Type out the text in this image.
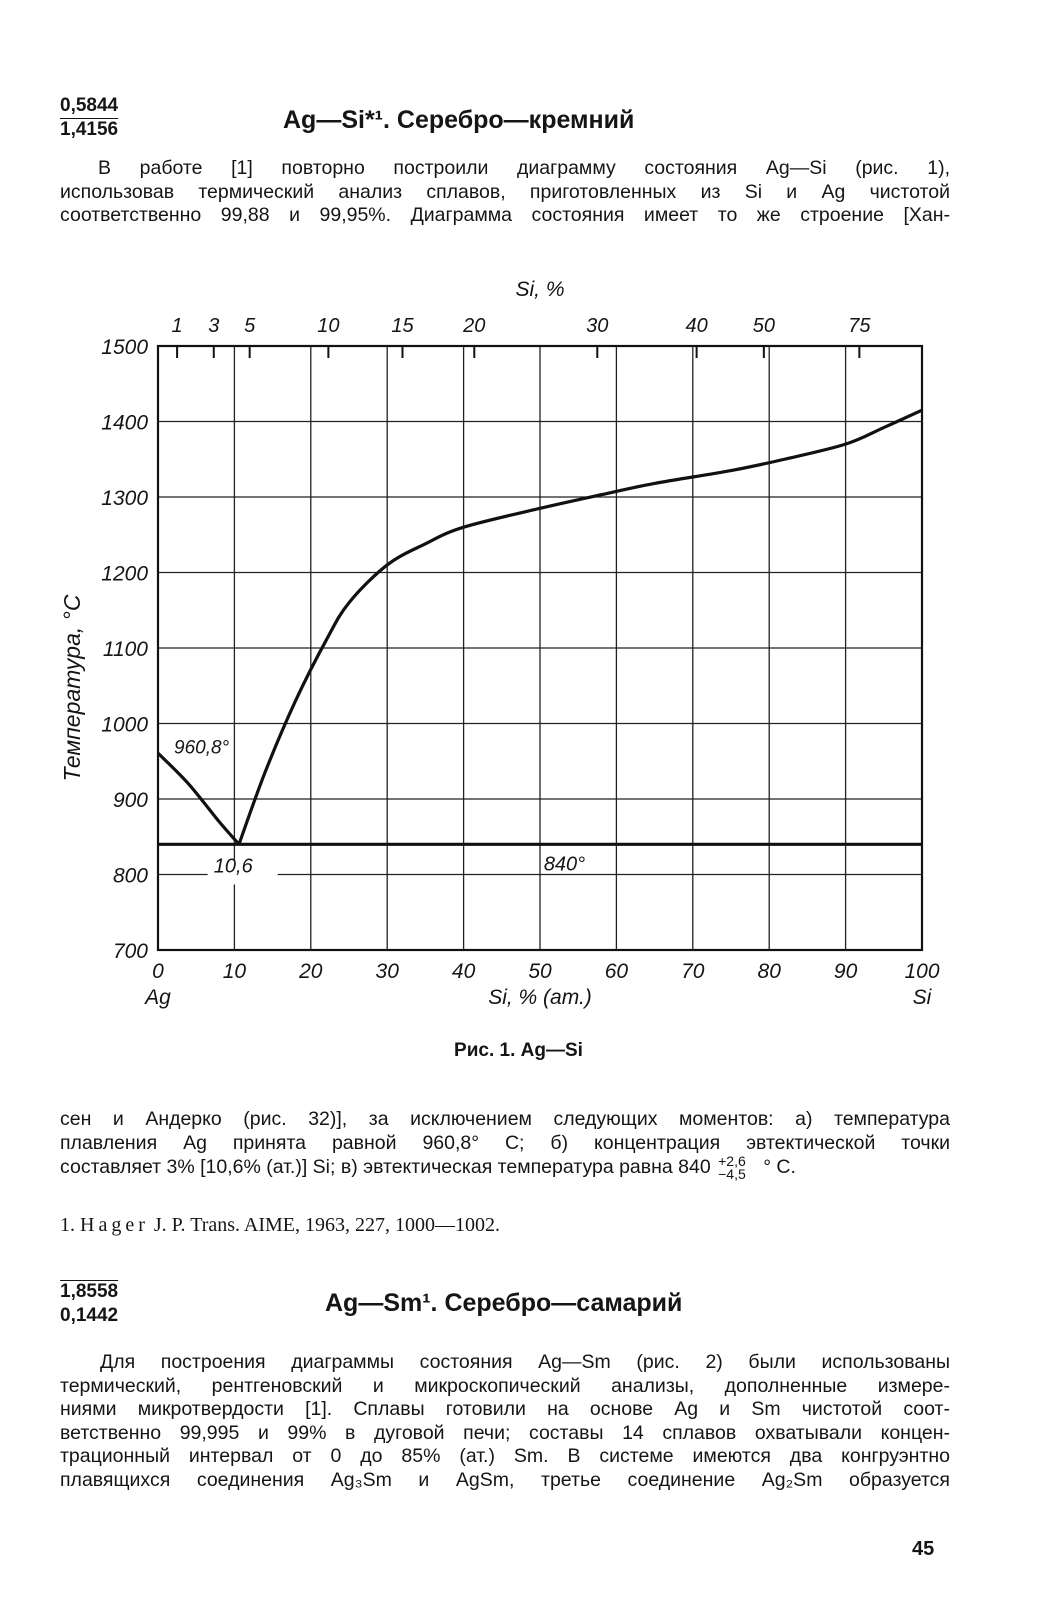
0,5844
1,4156	Ag—Si*¹. Серебро—кремний
В работе [1] повторно построили диаграмму состояния Ag—Si (рис. 1),
использовав термический анализ сплавов, приготовленных из Si и Ag чистотой
соответственно 99,88 и 99,95%. Диаграмма состояния имеет то же строение [Хан-
1500
1400
1300
1200
1100
1000
900
800
700
0	10	20	30	40	50	60	70	80	90 100
1 3 5	10	15 20	30	40 50	75
Si, %
960,8°
10,6	840°
Ag	Si
Si, % (ат.)
Температура, °С
Рис. 1. Ag—Si
сен и Андерко (рис. 32)], за исключением следующих моментов: а) температура
плавления Ag принята равной 960,8° С; б) концентрация эвтектической точки
составляет 3% [10,6% (ат.)] Si; в) эвтектическая температура равна 840 +2,6
−4,5 ° С.
1. Hager J. P. Trans. AIME, 1963, 227, 1000—1002.
1,8558
0,1442	Ag—Sm¹. Серебро—самарий
Для построения диаграммы состояния Ag—Sm (рис. 2) были использованы
термический, рентгеновский и микроскопический анализы, дополненные измере-
ниями микротвердости [1]. Сплавы готовили на основе Ag и Sm чистотой соот-
ветственно 99,995 и 99% в дуговой печи; составы 14 сплавов охватывали концен-
трационный интервал от 0 до 85% (ат.) Sm. В системе имеются два конгруэнтно
плавящихся соединения Ag₃Sm и AgSm, третье соединение Ag₂Sm образуется
45
